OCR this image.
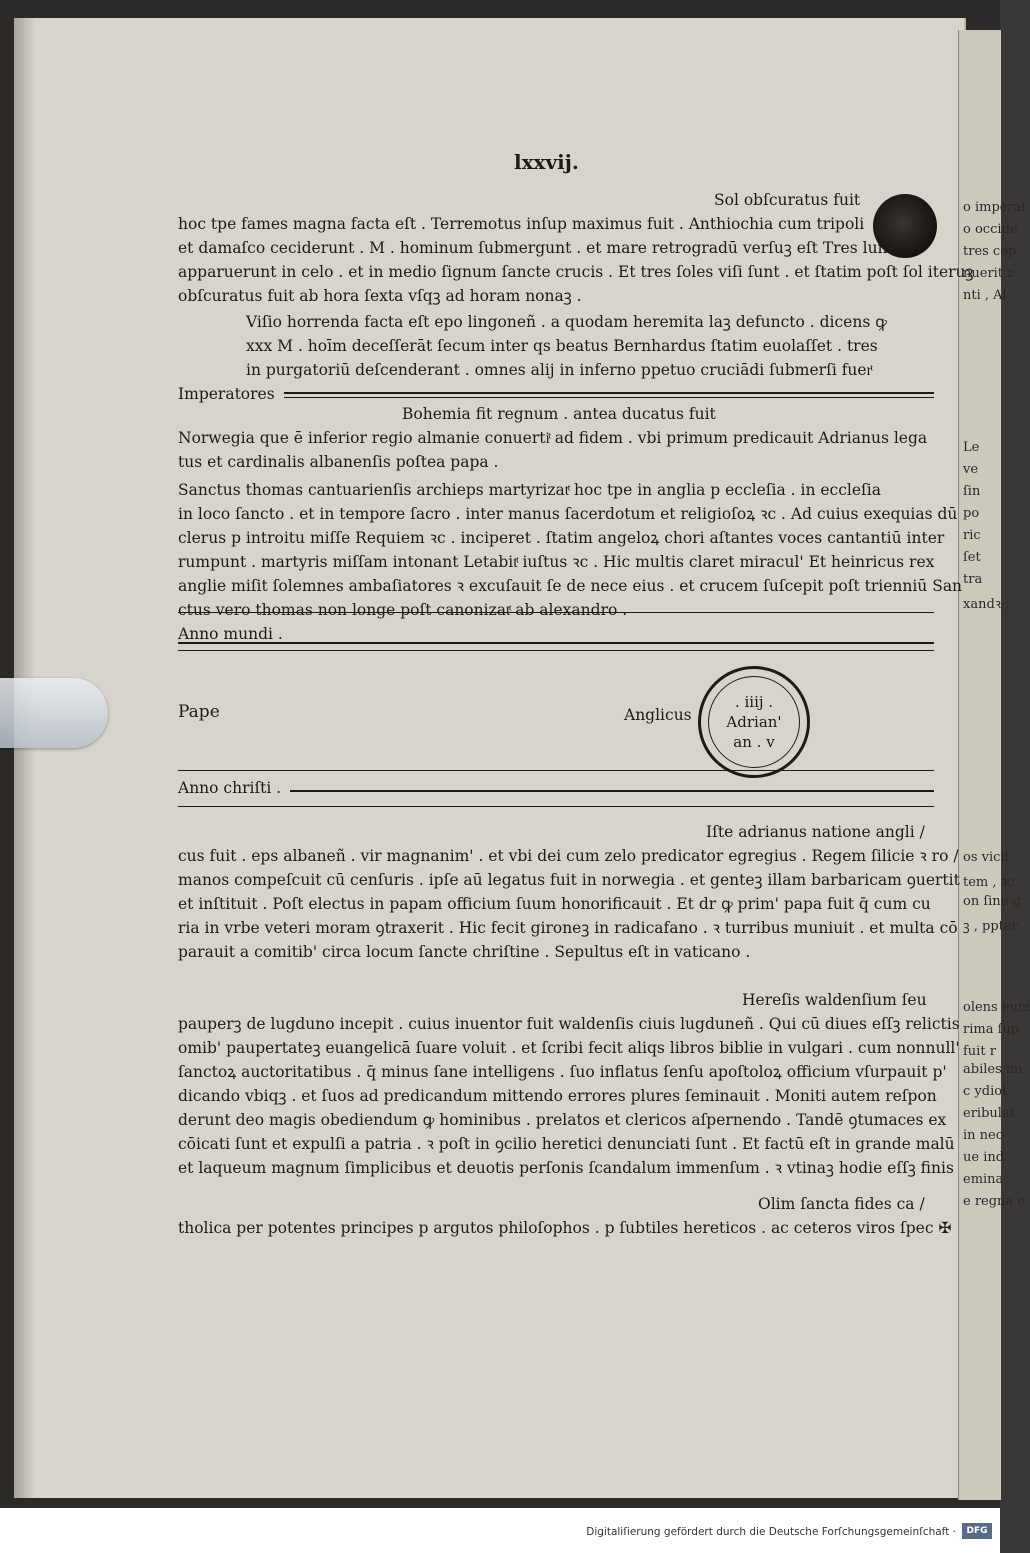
o imperat
o occide
tres cop
nuerit z
nti , Al
Le
ve
ſin
po
ric
ſet
tra
xandꝛ ,
os vicit
tem , ꝛc
on ſine g
ꝫ , ppter
olens eum
rima ſup
fuit r
abiles im
c ydiot
eribulat
in nec
ue ind
emina
e regna e
lxxvij.
Sol obſcuratus fuit
hoc tpe fames magna facta eſt . Terremotus inſup maximus fuit . Anthiochia cum tripoli
et damaſco ceciderunt . M . hominum ſubmergunt . et mare retrogradū verſuꝫ eſt Tres lune
apparuerunt in celo . et in medio ſignum ſancte crucis . Et tres ſoles viſi ſunt . et ſtatim poſt ſol iteruꝫ
obſcuratus fuit ab hora ſexta vſqꝫ ad horam nonaꝫ .
Viſio horrenda facta eſt epo lingoneñ . a quodam heremita laꝫ defuncto . dicens ꝙ
xxx M . hoīm deceſſerāt ſecum inter qs beatus Bernhardus ſtatim euolaſſet . tres
in purgatoriū deſcenderant . omnes alij in inferno ppetuo cruciādi ſubmerſi fuerͭ
Imperatores
Bohemia fit regnum . antea ducatus fuit
Norwegia que ē inferior regio almanie conuertiͭ ad fidem . vbi primum predicauit Adrianus lega
tus et cardinalis albanenſis poſtea papa .
Sanctus thomas cantuarienſis archieps martyrizatͭ hoc tpe in anglia p eccleſia . in eccleſia
in loco ſancto . et in tempore ſacro . inter manus ſacerdotum et religioſoꝝ ꝛc . Ad cuius exequias dū
clerus p introitu miſſe Requiem ꝛc . inciperet . ſtatim angeloꝝ chori aſtantes voces cantantiū inter
rumpunt . martyris miſſam intonant Letabitͭ iuſtus ꝛc . Hic multis claret miracul' Et heinricus rex
anglie miſit ſolemnes ambaſiatores ꝛ excuſauit ſe de nece eius . et crucem ſuſcepit poſt trienniū San
ctus vero thomas non longe poſt canonizatͭ ab alexandro .
Anno mundi .
Pape	Anglicus
. iiij .
Adrian'
an . v
Anno chriſti .
Iſte adrianus natione angli /
cus fuit . eps albaneñ . vir magnanim' . et vbi dei cum zelo predicator egregius . Regem ſilicie ꝛ ro /
manos compeſcuit cū cenſuris . ipſe aū legatus fuit in norwegia . et genteꝫ illam barbaricam ꝯuertit
et inſtituit . Poſt electus in papam officium ſuum honorificauit . Et dr ꝙ prim' papa fuit q̄ cum cu
ria in vrbe veteri moram ꝯtraxerit . Hic fecit gironeꝫ in radicafano . ꝛ turribus muniuit . et multa cō
parauit a comitib' circa locum ſancte chriſtine . Sepultus eſt in vaticano .
Hereſis waldenſium ſeu
pauperꝫ de lugduno incepit . cuius inuentor fuit waldenſis ciuis lugduneñ . Qui cū diues eſſꝫ relictis
omib' paupertateꝫ euangelicā ſuare voluit . et ſcribi fecit aliqs libros biblie in vulgari . cum nonnull'
ſanctoꝝ auctoritatibus . q̄ minus ſane intelligens . ſuo inflatus ſenſu apoſtoloꝝ officium vſurpauit p'
dicando vbiqꝫ . et ſuos ad predicandum mittendo errores plures ſeminauit . Moniti autem reſpon
derunt deo magis obediendum ꝙ hominibus . prelatos et clericos aſpernendo . Tandē ꝯtumaces ex
cōicati ſunt et expulſi a patria . ꝛ poſt in ꝯcilio heretici denunciati ſunt . Et factū eſt in grande malū
et laqueum magnum ſimplicibus et deuotis perſonis ſcandalum immenſum . ꝛ vtinaꝫ hodie eſſꝫ finis
Olim ſancta fides ca /
tholica per potentes principes p argutos philoſophos . p ſubtiles hereticos . ac ceteros viros ſpec ✠
Digitaliſierung gefördert durch die Deutsche Forſchungsgemeinſchaft ·	DFG
